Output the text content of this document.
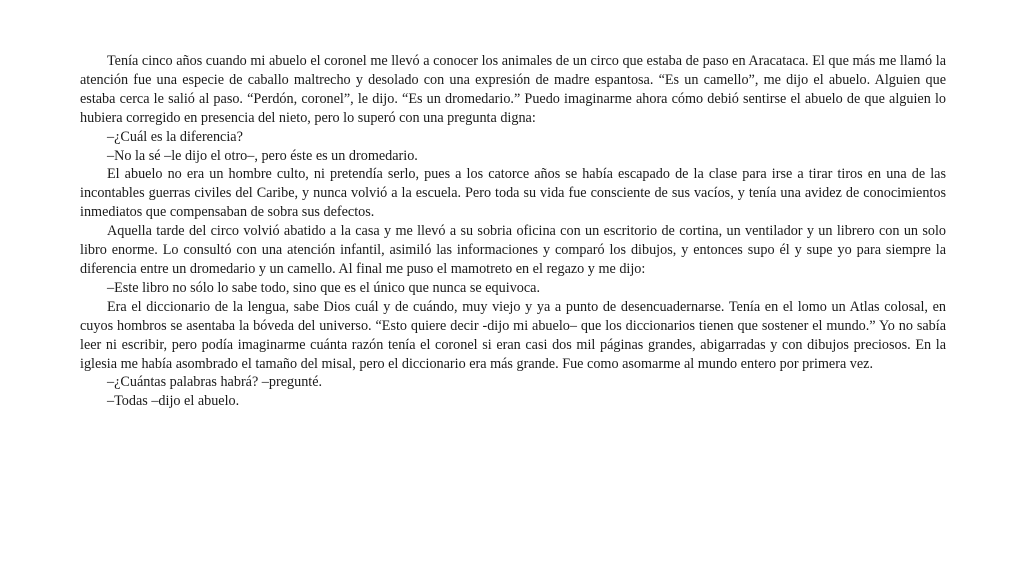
Tenía cinco años cuando mi abuelo el coronel me llevó a conocer los animales de un circo que estaba de paso en Aracataca. El que más me llamó la atención fue una especie de caballo maltrecho y desolado con una expresión de madre espantosa. “Es un camello”, me dijo el abuelo. Alguien que estaba cerca le salió al paso. “Perdón, coronel”, le dijo. “Es un dromedario.” Puedo imaginarme ahora cómo debió sentirse el abuelo de que alguien lo hubiera corregido en presencia del nieto, pero lo superó con una pregunta digna:

–¿Cuál es la diferencia?

–No la sé –le dijo el otro–, pero éste es un dromedario.

El abuelo no era un hombre culto, ni pretendía serlo, pues a los catorce años se había escapado de la clase para irse a tirar tiros en una de las incontables guerras civiles del Caribe, y nunca volvió a la escuela. Pero toda su vida fue consciente de sus vacíos, y tenía una avidez de conocimientos inmediatos que compensaban de sobra sus defectos.

Aquella tarde del circo volvió abatido a la casa y me llevó a su sobria oficina con un escritorio de cortina, un ventilador y un librero con un solo libro enorme. Lo consultó con una atención infantil, asimiló las informaciones y comparó los dibujos, y entonces supo él y supe yo para siempre la diferencia entre un dromedario y un camello. Al final me puso el mamotreto en el regazo y me dijo:

–Este libro no sólo lo sabe todo, sino que es el único que nunca se equivoca.

Era el diccionario de la lengua, sabe Dios cuál y de cuándo, muy viejo y ya a punto de desencuadernarse. Tenía en el lomo un Atlas colosal, en cuyos hombros se asentaba la bóveda del universo. “Esto quiere decir -dijo mi abuelo– que los diccionarios tienen que sostener el mundo.” Yo no sabía leer ni escribir, pero podía imaginarme cuánta razón tenía el coronel si eran casi dos mil páginas grandes, abigarradas y con dibujos preciosos. En la iglesia me había asombrado el tamaño del misal, pero el diccionario era más grande. Fue como asomarme al mundo entero por primera vez.

–¿Cuántas palabras habrá? –pregunté.

–Todas –dijo el abuelo.
